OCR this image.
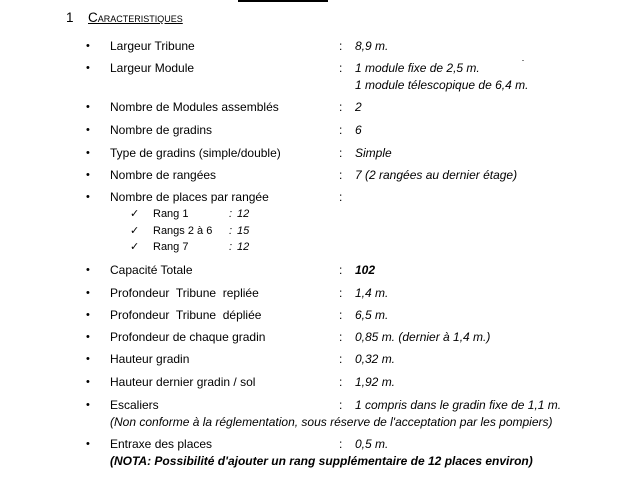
1 Caracteristiques
• Largeur Tribune	: 8,9 m.
• Largeur Module	: 1 module fixe de 2,5 m.
1 module télescopique de 6,4 m.
• Nombre de Modules assemblés	: 2
• Nombre de gradins	: 6
• Type de gradins (simple/double)	: Simple
• Nombre de rangées	: 7 (2 rangées au dernier étage)
• Nombre de places par rangée	:
✓ Rang 1	: 12
✓ Rangs 2 à 6 : 15
✓ Rang 7	: 12
• Capacité Totale	: 102
• Profondeur  Tribune  repliée	: 1,4 m.
• Profondeur  Tribune  dépliée	: 6,5 m.
• Profondeur de chaque gradin	: 0,85 m. (dernier à 1,4 m.)
• Hauteur gradin	: 0,32 m.
• Hauteur dernier gradin / sol	: 1,92 m.
• Escaliers	: 1 compris dans le gradin fixe de 1,1 m.
(Non conforme à la réglementation, sous réserve de l'acceptation par les pompiers)
• Entraxe des places	: 0,5 m.
(NOTA: Possibilité d'ajouter un rang supplémentaire de 12 places environ)
